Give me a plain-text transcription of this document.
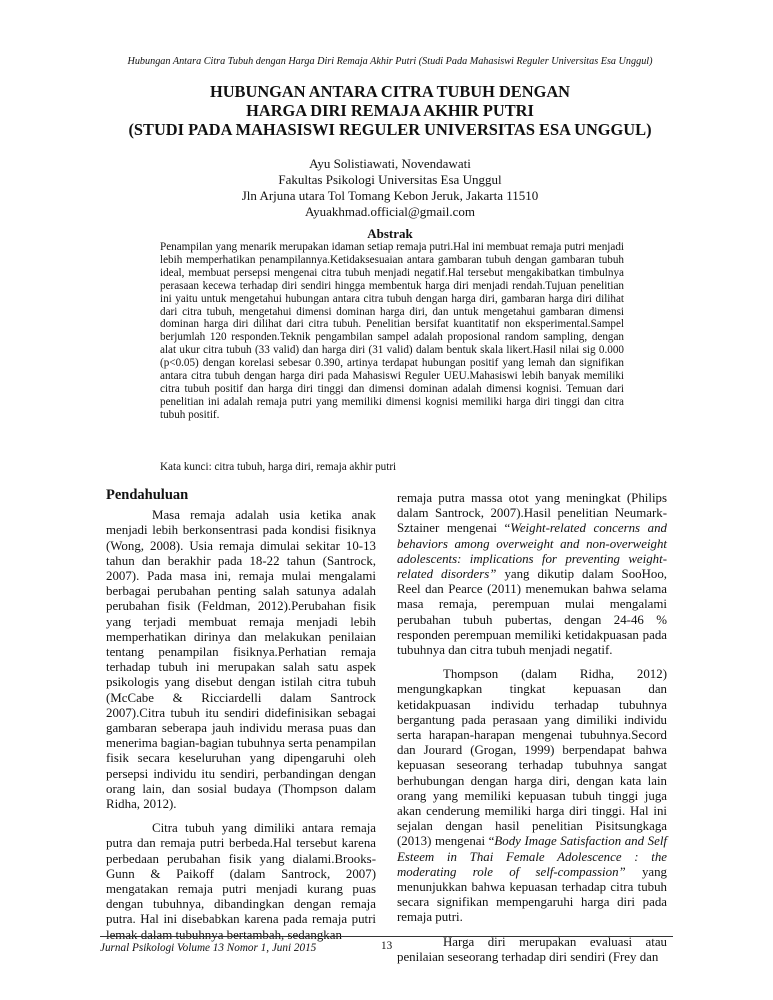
Hubungan Antara Citra Tubuh dengan Harga Diri Remaja Akhir Putri (Studi Pada Mahasiswi Reguler Universitas Esa Unggul)
HUBUNGAN ANTARA CITRA TUBUH DENGAN
HARGA DIRI REMAJA AKHIR PUTRI
(STUDI PADA MAHASISWI REGULER UNIVERSITAS ESA UNGGUL)
Ayu Solistiawati, Novendawati
Fakultas Psikologi Universitas Esa Unggul
Jln Arjuna utara Tol Tomang Kebon Jeruk, Jakarta 11510
Ayuakhmad.official@gmail.com
Abstrak

Penampilan yang menarik merupakan idaman setiap remaja putri.Hal ini membuat remaja putri menjadi lebih memperhatikan penampilannya.Ketidaksesuaian antara gambaran tubuh dengan gambaran tubuh ideal, membuat persepsi mengenai citra tubuh menjadi negatif.Hal tersebut mengakibatkan timbulnya perasaan kecewa terhadap diri sendiri hingga membentuk harga diri menjadi rendah.Tujuan penelitian ini yaitu untuk mengetahui hubungan antara citra tubuh dengan harga diri, gambaran harga diri dilihat dari citra tubuh, mengetahui dimensi dominan harga diri, dan untuk mengetahui gambaran dimensi dominan harga diri dilihat dari citra tubuh. Penelitian bersifat kuantitatif non eksperimental.Sampel berjumlah 120 responden.Teknik pengambilan sampel adalah proposional random sampling, dengan alat ukur citra tubuh (33 valid) dan harga diri (31 valid) dalam bentuk skala likert.Hasil nilai sig 0.000 (p<0.05) dengan korelasi sebesar 0.390, artinya terdapat hubungan positif yang lemah dan signifikan antara citra tubuh dengan harga diri pada Mahasiswi Reguler UEU.Mahasiswi lebih banyak memiliki citra tubuh positif dan harga diri tinggi dan dimensi dominan adalah dimensi kognisi. Temuan dari penelitian ini adalah remaja putri yang memiliki dimensi kognisi memiliki harga diri tinggi dan citra tubuh positif.

Kata kunci: citra tubuh, harga diri, remaja akhir putri

Pendahuluan

Masa remaja adalah usia ketika anak menjadi lebih berkonsentrasi pada kondisi fisiknya (Wong, 2008). Usia remaja dimulai sekitar 10-13 tahun dan berakhir pada 18-22 tahun (Santrock, 2007). Pada masa ini, remaja mulai mengalami berbagai perubahan penting salah satunya adalah perubahan fisik (Feldman, 2012).Perubahan fisik yang terjadi membuat remaja menjadi lebih memperhatikan dirinya dan melakukan penilaian tentang penampilan fisiknya.Perhatian remaja terhadap tubuh ini merupakan salah satu aspek psikologis yang disebut dengan istilah citra tubuh (McCabe & Ricciardelli dalam Santrock 2007).Citra tubuh itu sendiri didefinisikan sebagai gambaran seberapa jauh individu merasa puas dan menerima bagian-bagian tubuhnya serta penampilan fisik secara keseluruhan yang dipengaruhi oleh persepsi individu itu sendiri, perbandingan dengan orang lain, dan sosial budaya (Thompson dalam Ridha, 2012).

Citra tubuh yang dimiliki antara remaja putra dan remaja putri berbeda.Hal tersebut karena perbedaan perubahan fisik yang dialami.Brooks-Gunn & Paikoff (dalam Santrock, 2007) mengatakan remaja putri menjadi kurang puas dengan tubuhnya, dibandingkan dengan remaja putra. Hal ini disebabkan karena pada remaja putri lemak dalam tubuhnya bertambah, sedangkan

remaja putra massa otot yang meningkat (Philips dalam Santrock, 2007).Hasil penelitian Neumark-Sztainer mengenai “Weight-related concerns and behaviors among overweight and non-overweight adolescents: implications for preventing weight-related disorders” yang dikutip dalam SooHoo, Reel dan Pearce (2011) menemukan bahwa selama masa remaja, perempuan mulai mengalami perubahan tubuh pubertas, dengan 24-46 % responden perempuan memiliki ketidakpuasan pada tubuhnya dan citra tubuh menjadi negatif.

Thompson (dalam Ridha, 2012) mengungkapkan tingkat kepuasan dan ketidakpuasan individu terhadap tubuhnya bergantung pada perasaan yang dimiliki individu serta harapan-harapan mengenai tubuhnya.Secord dan Jourard (Grogan, 1999) berpendapat bahwa kepuasan seseorang terhadap tubuhnya sangat berhubungan dengan harga diri, dengan kata lain orang yang memiliki kepuasan tubuh tinggi juga akan cenderung memiliki harga diri tinggi. Hal ini sejalan dengan hasil penelitian Pisitsungkaga (2013) mengenai “Body Image Satisfaction and Self Esteem in Thai Female Adolescence : the moderating role of self-compassion” yang menunjukkan bahwa kepuasan terhadap citra tubuh secara signifikan mempengaruhi harga diri pada remaja putri.

Harga diri merupakan evaluasi atau penilaian seseorang terhadap diri sendiri (Frey dan

Jurnal Psikologi Volume 13 Nomor 1, Juni 2015	13
